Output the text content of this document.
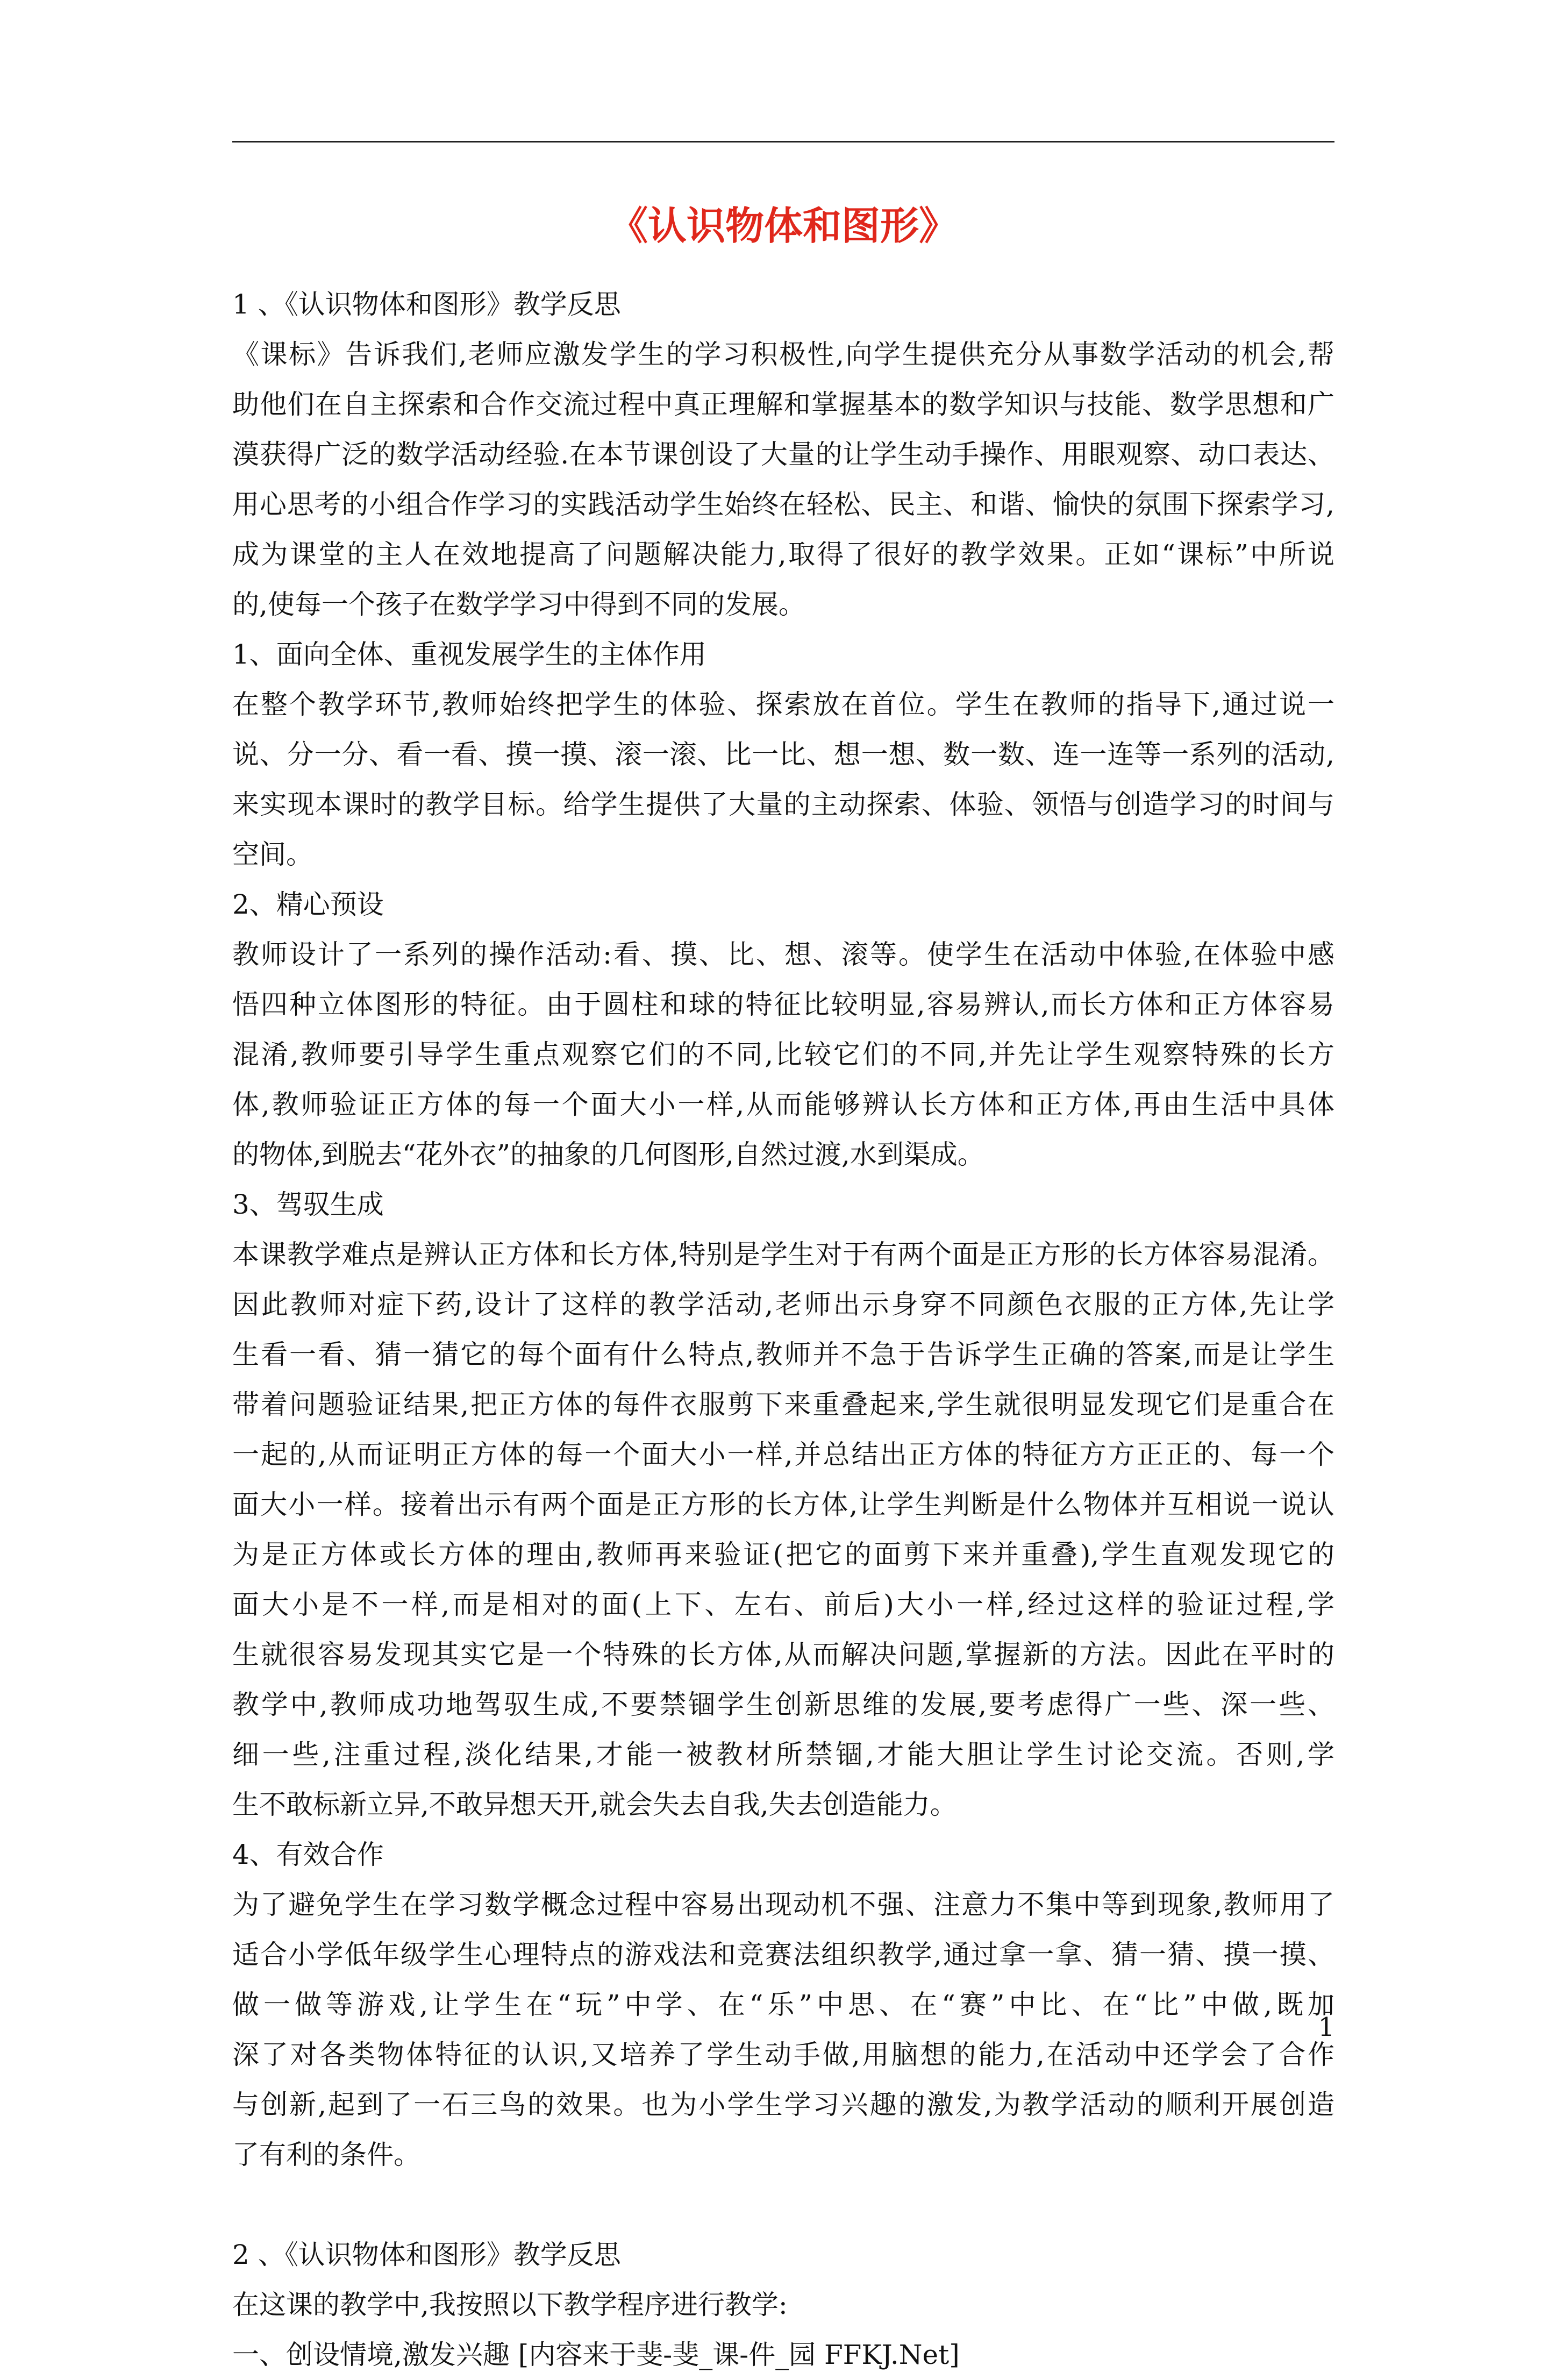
《认识物体和图形》
1 、《认识物体和图形》教学反思
《课标》告诉我们,老师应激发学生的学习积极性,向学生提供充分从事数学活动的机会,帮
助他们在自主探索和合作交流过程中真正理解和掌握基本的数学知识与技能、数学思想和广
漠获得广泛的数学活动经验.在本节课创设了大量的让学生动手操作、用眼观察、动口表达、
用心思考的小组合作学习的实践活动学生始终在轻松、民主、和谐、愉快的氛围下探索学习,
成为课堂的主人在效地提高了问题解决能力,取得了很好的教学效果。正如“课标”中所说
的,使每一个孩子在数学学习中得到不同的发展。
1、面向全体、重视发展学生的主体作用
在整个教学环节,教师始终把学生的体验、探索放在首位。学生在教师的指导下,通过说一
说、分一分、看一看、摸一摸、滚一滚、比一比、想一想、数一数、连一连等一系列的活动,
来实现本课时的教学目标。给学生提供了大量的主动探索、体验、领悟与创造学习的时间与
空间。
2、精心预设
教师设计了一系列的操作活动:看、摸、比、想、滚等。使学生在活动中体验,在体验中感
悟四种立体图形的特征。由于圆柱和球的特征比较明显,容易辨认,而长方体和正方体容易
混淆,教师要引导学生重点观察它们的不同,比较它们的不同,并先让学生观察特殊的长方
体,教师验证正方体的每一个面大小一样,从而能够辨认长方体和正方体,再由生活中具体
的物体,到脱去“花外衣”的抽象的几何图形,自然过渡,水到渠成。
3、驾驭生成
本课教学难点是辨认正方体和长方体,特别是学生对于有两个面是正方形的长方体容易混淆。
因此教师对症下药,设计了这样的教学活动,老师出示身穿不同颜色衣服的正方体,先让学
生看一看、猜一猜它的每个面有什么特点,教师并不急于告诉学生正确的答案,而是让学生
带着问题验证结果,把正方体的每件衣服剪下来重叠起来,学生就很明显发现它们是重合在
一起的,从而证明正方体的每一个面大小一样,并总结出正方体的特征方方正正的、每一个
面大小一样。接着出示有两个面是正方形的长方体,让学生判断是什么物体并互相说一说认
为是正方体或长方体的理由,教师再来验证(把它的面剪下来并重叠),学生直观发现它的
面大小是不一样,而是相对的面(上下、左右、前后)大小一样,经过这样的验证过程,学
生就很容易发现其实它是一个特殊的长方体,从而解决问题,掌握新的方法。因此在平时的
教学中,教师成功地驾驭生成,不要禁锢学生创新思维的发展,要考虑得广一些、深一些、
细一些,注重过程,淡化结果,才能一被教材所禁锢,才能大胆让学生讨论交流。否则,学
生不敢标新立异,不敢异想天开,就会失去自我,失去创造能力。
4、有效合作
为了避免学生在学习数学概念过程中容易出现动机不强、注意力不集中等到现象,教师用了
适合小学低年级学生心理特点的游戏法和竞赛法组织教学,通过拿一拿、猜一猜、摸一摸、
做一做等游戏,让学生在“玩”中学、在“乐”中思、在“赛”中比、在“比”中做,既加
深了对各类物体特征的认识,又培养了学生动手做,用脑想的能力,在活动中还学会了合作
与创新,起到了一石三鸟的效果。也为小学生学习兴趣的激发,为教学活动的顺利开展创造
了有利的条件。
2 、《认识物体和图形》教学反思
在这课的教学中,我按照以下教学程序进行教学:
一、创设情境,激发兴趣 [内容来于斐-斐_课-件_园 FFKJ.Net]
1
